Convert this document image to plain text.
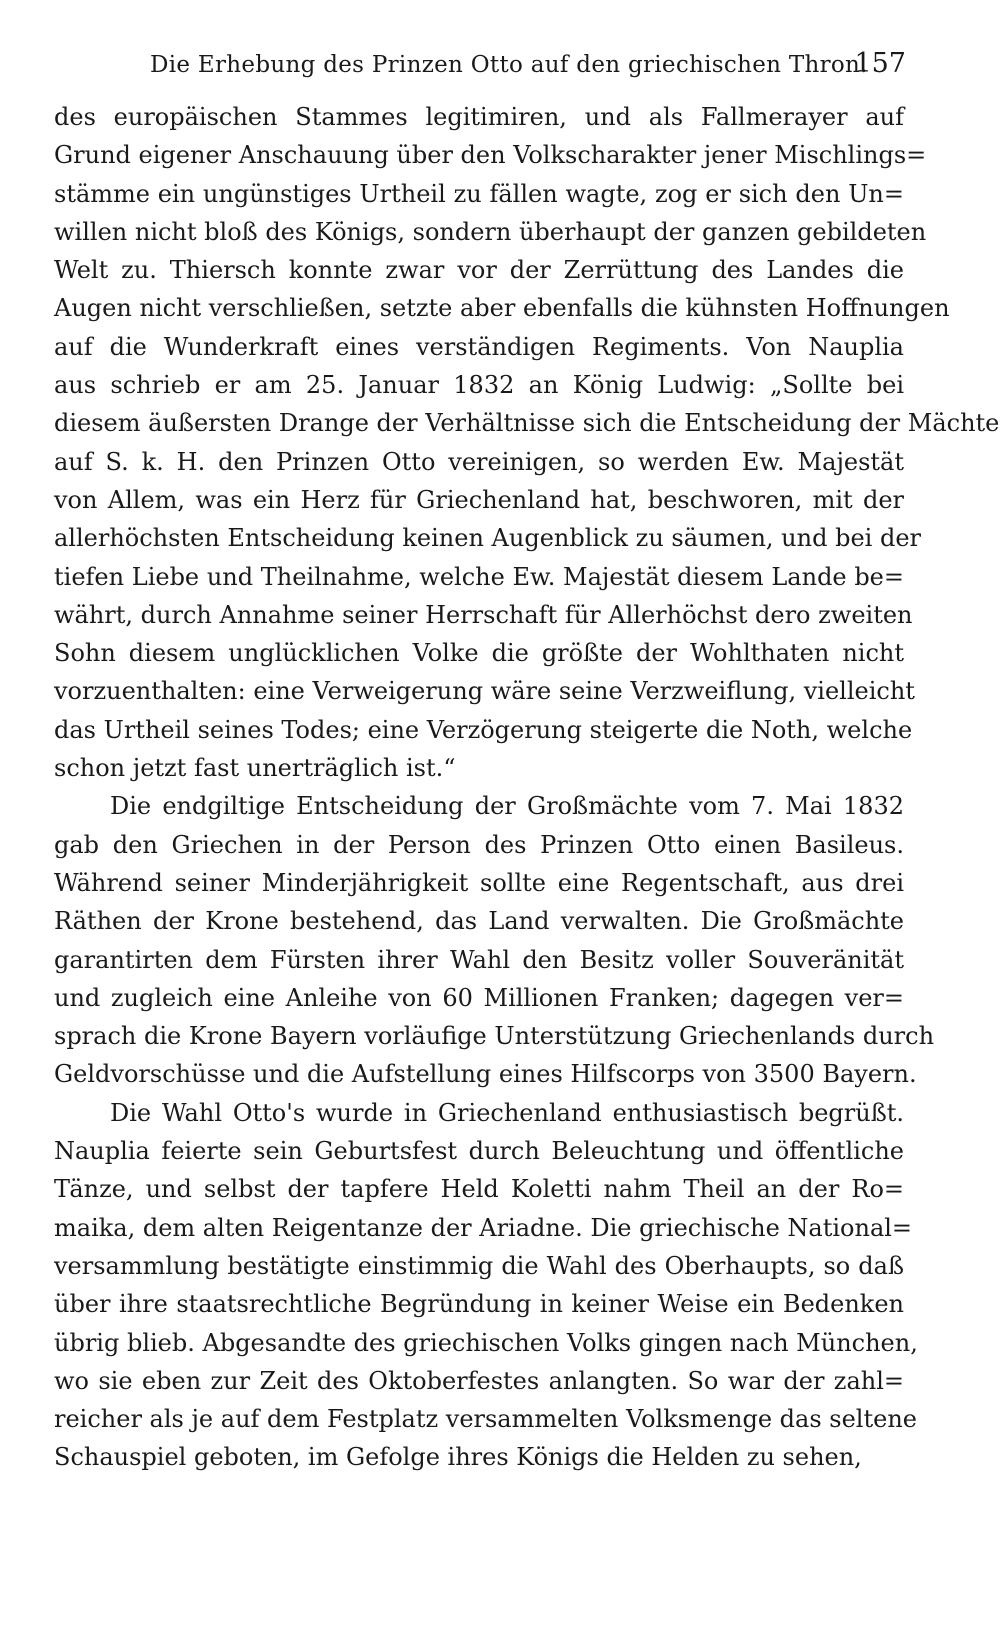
Die Erhebung des Prinzen Otto auf den griechischen Thron.
157
des europäischen Stammes legitimiren, und als Fallmerayer auf
Grund eigener Anschauung über den Volkscharakter jener Mischlings=
stämme ein ungünstiges Urtheil zu fällen wagte, zog er sich den Un=
willen nicht bloß des Königs, sondern überhaupt der ganzen gebildeten
Welt zu. Thiersch konnte zwar vor der Zerrüttung des Landes die
Augen nicht verschließen, setzte aber ebenfalls die kühnsten Hoffnungen
auf die Wunderkraft eines verständigen Regiments. Von Nauplia
aus schrieb er am 25. Januar 1832 an König Ludwig: „Sollte bei
diesem äußersten Drange der Verhältnisse sich die Entscheidung der Mächte
auf S. k. H. den Prinzen Otto vereinigen, so werden Ew. Majestät
von Allem, was ein Herz für Griechenland hat, beschworen, mit der
allerhöchsten Entscheidung keinen Augenblick zu säumen, und bei der
tiefen Liebe und Theilnahme, welche Ew. Majestät diesem Lande be=
währt, durch Annahme seiner Herrschaft für Allerhöchst dero zweiten
Sohn diesem unglücklichen Volke die größte der Wohlthaten nicht
vorzuenthalten: eine Verweigerung wäre seine Verzweiflung, vielleicht
das Urtheil seines Todes; eine Verzögerung steigerte die Noth, welche
schon jetzt fast unerträglich ist.“
Die endgiltige Entscheidung der Großmächte vom 7. Mai 1832
gab den Griechen in der Person des Prinzen Otto einen Basileus.
Während seiner Minderjährigkeit sollte eine Regentschaft, aus drei
Räthen der Krone bestehend, das Land verwalten. Die Großmächte
garantirten dem Fürsten ihrer Wahl den Besitz voller Souveränität
und zugleich eine Anleihe von 60 Millionen Franken; dagegen ver=
sprach die Krone Bayern vorläufige Unterstützung Griechenlands durch
Geldvorschüsse und die Aufstellung eines Hilfscorps von 3500 Bayern.
Die Wahl Otto's wurde in Griechenland enthusiastisch begrüßt.
Nauplia feierte sein Geburtsfest durch Beleuchtung und öffentliche
Tänze, und selbst der tapfere Held Koletti nahm Theil an der Ro=
maika, dem alten Reigentanze der Ariadne. Die griechische National=
versammlung bestätigte einstimmig die Wahl des Oberhaupts, so daß
über ihre staatsrechtliche Begründung in keiner Weise ein Bedenken
übrig blieb. Abgesandte des griechischen Volks gingen nach München,
wo sie eben zur Zeit des Oktoberfestes anlangten. So war der zahl=
reicher als je auf dem Festplatz versammelten Volksmenge das seltene
Schauspiel geboten, im Gefolge ihres Königs die Helden zu sehen,
